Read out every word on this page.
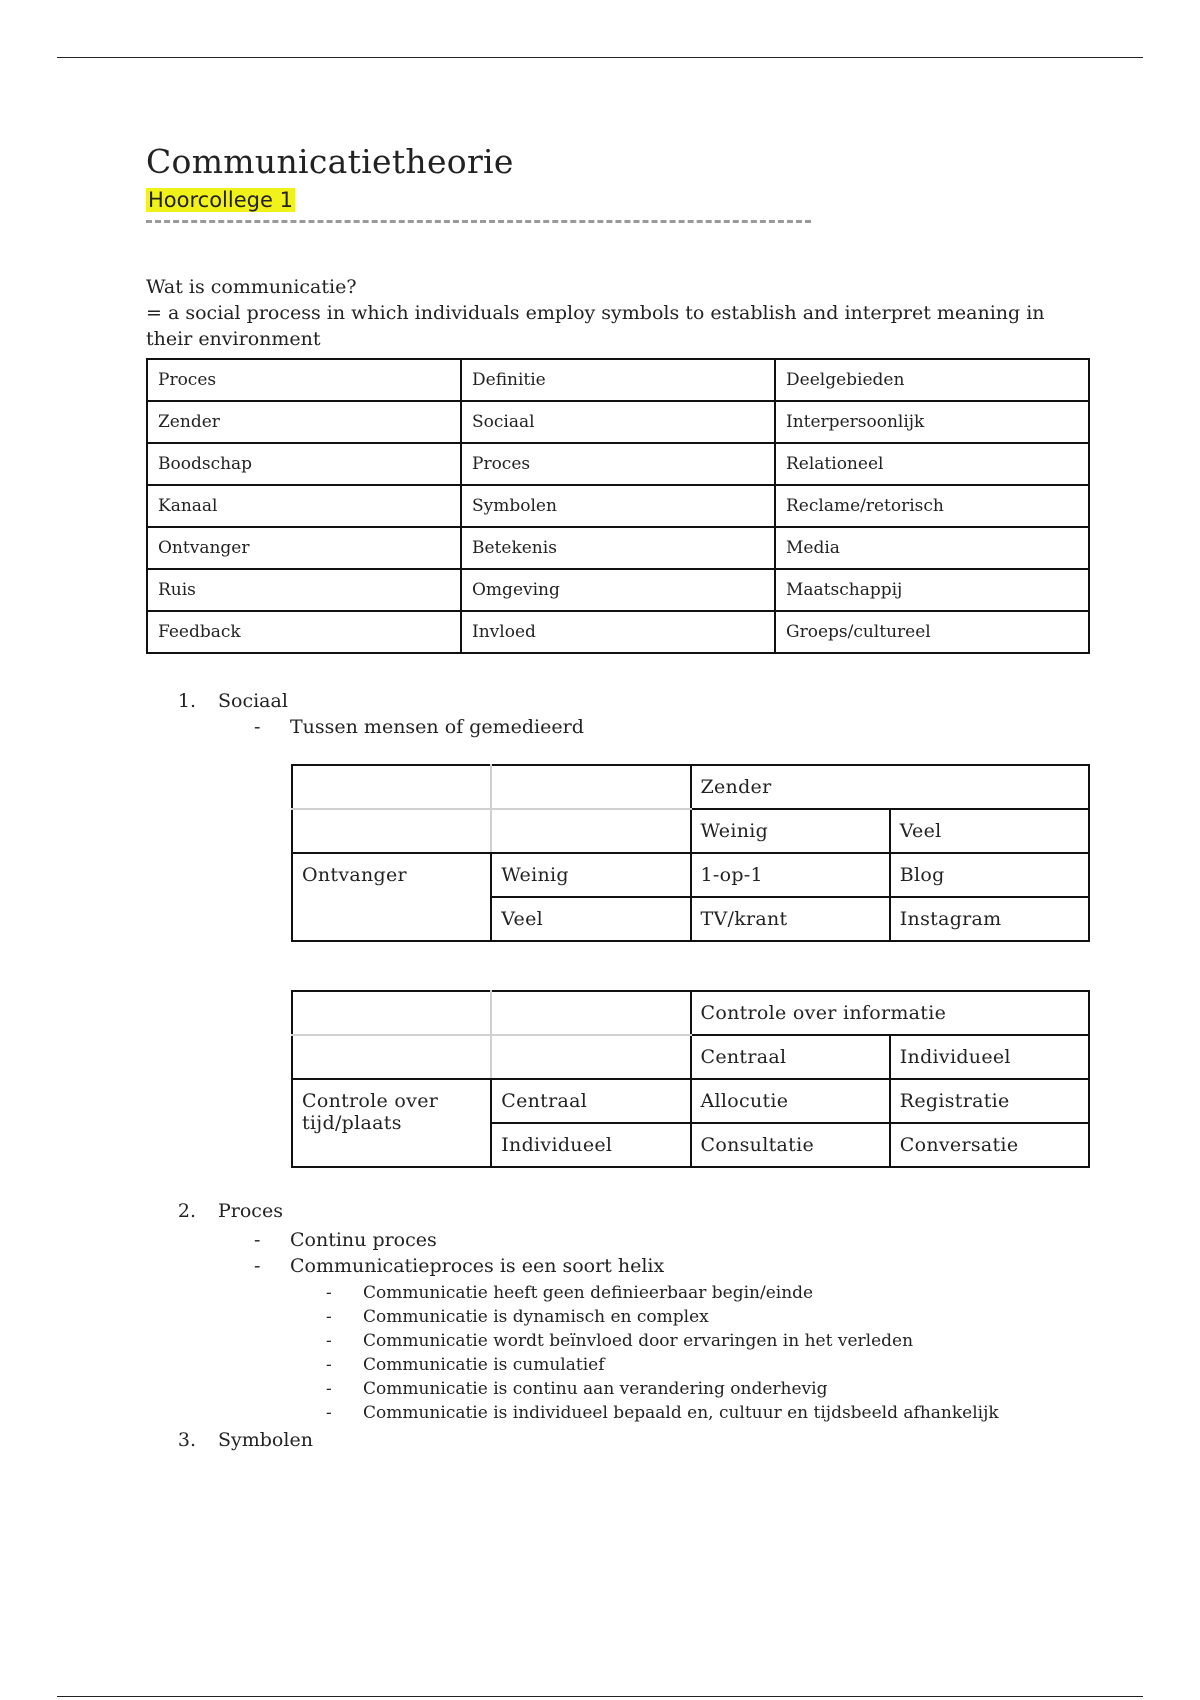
Communicatietheorie
Hoorcollege 1
Wat is communicatie?
= a social process in which individuals employ symbols to establish and interpret meaning in their environment
Proces	Definitie	Deelgebieden
Zender	Sociaal	Interpersoonlijk
Boodschap	Proces	Relationeel
Kanaal	Symbolen	Reclame/retorisch
Ontvanger	Betekenis	Media
Ruis	Omgeving	Maatschappij
Feedback	Invloed	Groeps/cultureel
1. Sociaal
- Tussen mensen of gemedieerd
		Zender	
		Weinig	Veel
Ontvanger	Weinig	1-op-1	Blog
	Veel	TV/krant	Instagram
		Controle over informatie	
		Centraal	Individueel
Controle over tijd/plaats	Centraal	Allocutie	Registratie
	Individueel	Consultatie	Conversatie
2. Proces
- Continu proces
- Communicatieproces is een soort helix
- Communicatie heeft geen definieerbaar begin/einde
- Communicatie is dynamisch en complex
- Communicatie wordt beïnvloed door ervaringen in het verleden
- Communicatie is cumulatief
- Communicatie is continu aan verandering onderhevig
- Communicatie is individueel bepaald en, cultuur en tijdsbeeld afhankelijk
3. Symbolen
